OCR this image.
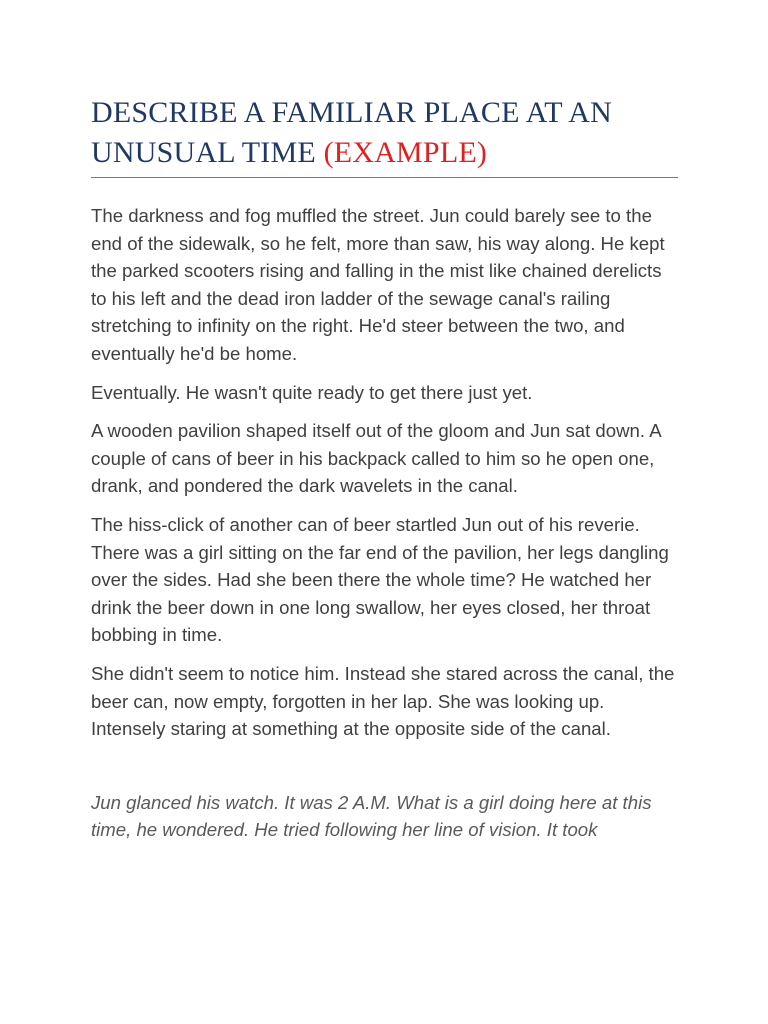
DESCRIBE A FAMILIAR PLACE AT AN UNUSUAL TIME (EXAMPLE)

The darkness and fog muffled the street. Jun could barely see to the end of the sidewalk, so he felt, more than saw, his way along. He kept the parked scooters rising and falling in the mist like chained derelicts to his left and the dead iron ladder of the sewage canal's railing stretching to infinity on the right. He'd steer between the two, and eventually he'd be home.

Eventually. He wasn't quite ready to get there just yet.

A wooden pavilion shaped itself out of the gloom and Jun sat down. A couple of cans of beer in his backpack called to him so he open one, drank, and pondered the dark wavelets in the canal.

The hiss-click of another can of beer startled Jun out of his reverie. There was a girl sitting on the far end of the pavilion, her legs dangling over the sides. Had she been there the whole time? He watched her drink the beer down in one long swallow, her eyes closed, her throat bobbing in time.

She didn't seem to notice him. Instead she stared across the canal, the beer can, now empty, forgotten in her lap. She was looking up. Intensely staring at something at the opposite side of the canal.

Jun glanced his watch. It was 2 A.M. What is a girl doing here at this time, he wondered. He tried following her line of vision. It took
